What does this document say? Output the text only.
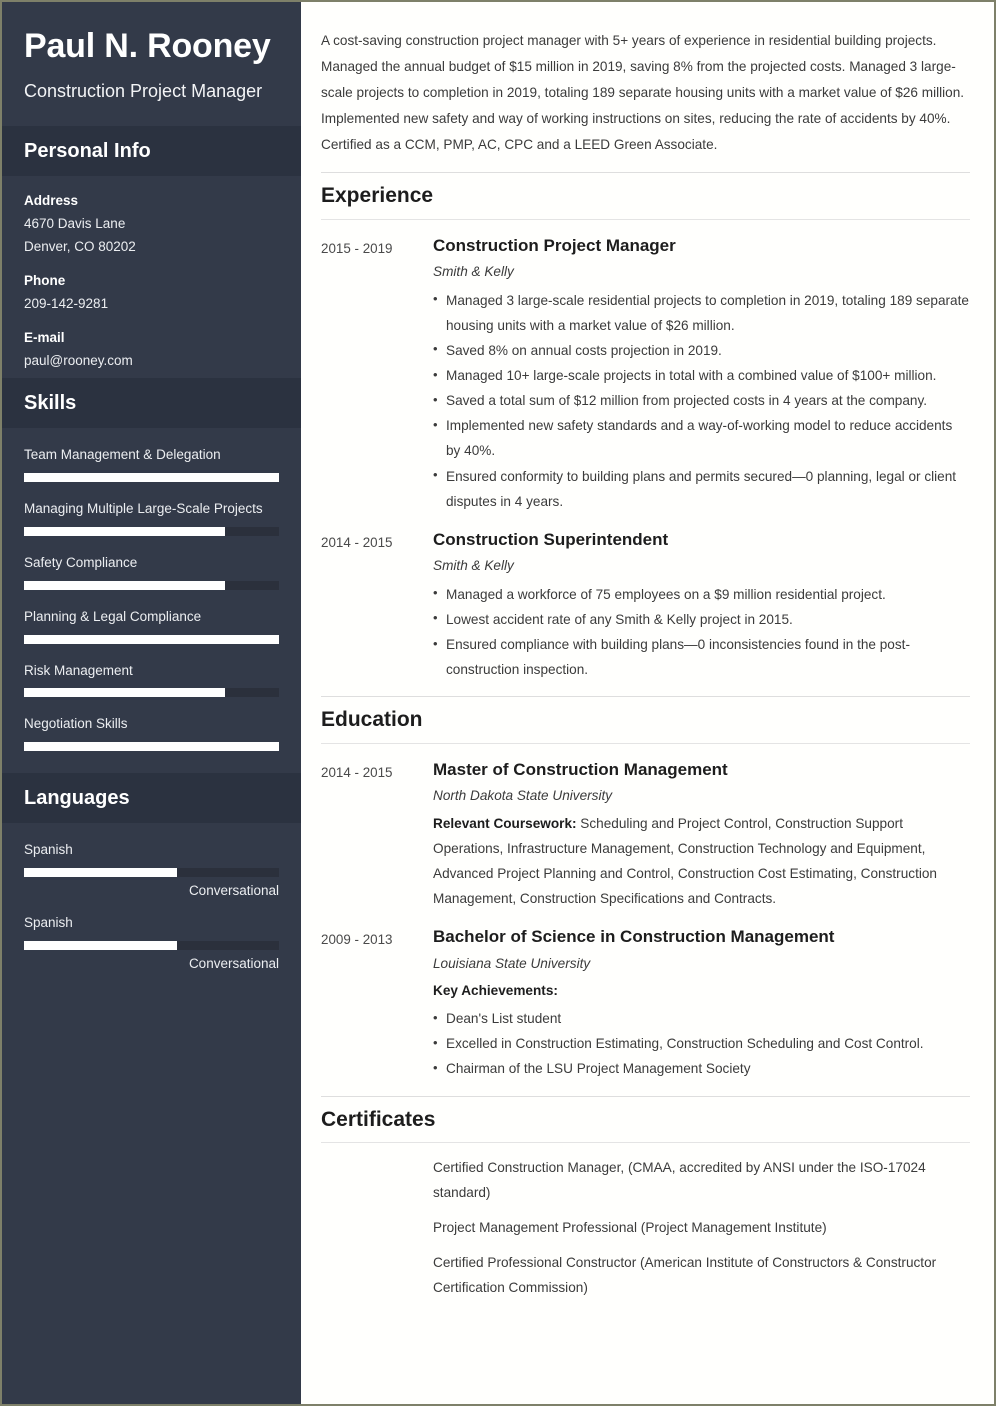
Paul N. Rooney
Construction Project Manager
Personal Info
Address
4670 Davis Lane
Denver, CO 80202
Phone
209-142-9281
E-mail
paul@rooney.com
Skills
Team Management & Delegation
Managing Multiple Large-Scale Projects
Safety Compliance
Planning & Legal Compliance
Risk Management
Negotiation Skills
Languages
Spanish
Conversational
Spanish
Conversational

A cost-saving construction project manager with 5+ years of experience in residential building projects. Managed the annual budget of $15 million in 2019, saving 8% from the projected costs. Managed 3 large-scale projects to completion in 2019, totaling 189 separate housing units with a market value of $26 million. Implemented new safety and way of working instructions on sites, reducing the rate of accidents by 40%. Certified as a CCM, PMP, AC, CPC and a LEED Green Associate.

Experience
2015 - 2019	Construction Project Manager
Smith & Kelly
• Managed 3 large-scale residential projects to completion in 2019, totaling 189 separate housing units with a market value of $26 million.
• Saved 8% on annual costs projection in 2019.
• Managed 10+ large-scale projects in total with a combined value of $100+ million.
• Saved a total sum of $12 million from projected costs in 4 years at the company.
• Implemented new safety standards and a way-of-working model to reduce accidents by 40%.
• Ensured conformity to building plans and permits secured—0 planning, legal or client disputes in 4 years.
2014 - 2015	Construction Superintendent
Smith & Kelly
• Managed a workforce of 75 employees on a $9 million residential project.
• Lowest accident rate of any Smith & Kelly project in 2015.
• Ensured compliance with building plans—0 inconsistencies found in the post-construction inspection.
Education
2014 - 2015	Master of Construction Management
North Dakota State University
Relevant Coursework: Scheduling and Project Control, Construction Support Operations, Infrastructure Management, Construction Technology and Equipment, Advanced Project Planning and Control, Construction Cost Estimating, Construction Management, Construction Specifications and Contracts.
2009 - 2013	Bachelor of Science in Construction Management
Louisiana State University
Key Achievements:
• Dean's List student
• Excelled in Construction Estimating, Construction Scheduling and Cost Control.
• Chairman of the LSU Project Management Society
Certificates
Certified Construction Manager, (CMAA, accredited by ANSI under the ISO-17024 standard)
Project Management Professional (Project Management Institute)
Certified Professional Constructor (American Institute of Constructors & Constructor Certification Commission)
